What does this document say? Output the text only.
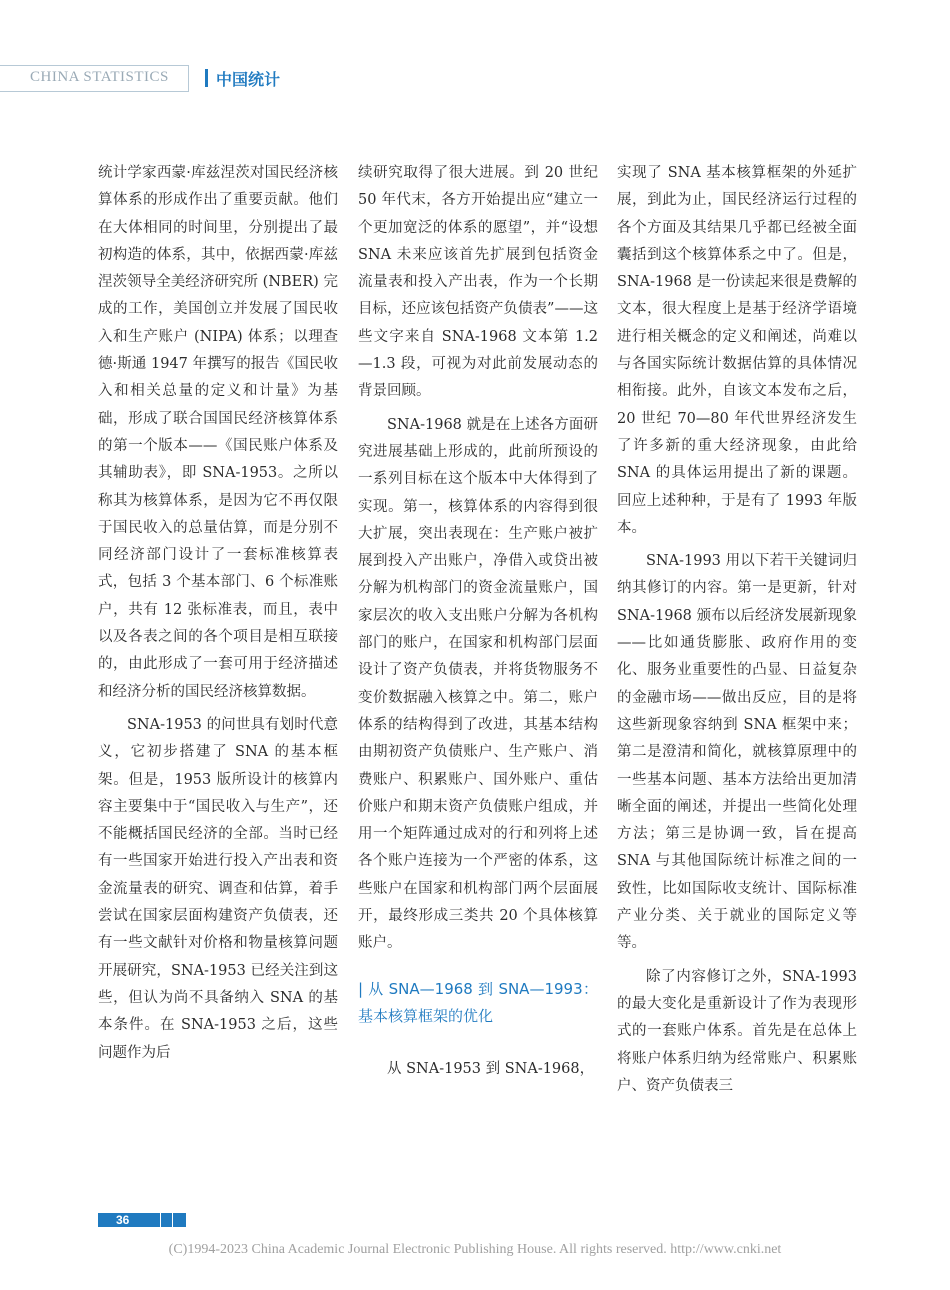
CHINA STATISTICS	中国统计

统计学家西蒙·库兹涅茨对国民经济核算体系的形成作出了重要贡献。他们在大体相同的时间里，分别提出了最初构造的体系，其中，依据西蒙·库兹涅茨领导全美经济研究所 (NBER) 完成的工作，美国创立并发展了国民收入和生产账户 (NIPA) 体系；以理查德·斯通 1947 年撰写的报告《国民收入和相关总量的定义和计量》为基础，形成了联合国国民经济核算体系的第一个版本——《国民账户体系及其辅助表》，即 SNA-1953。之所以称其为核算体系，是因为它不再仅限于国民收入的总量估算，而是分别不同经济部门设计了一套标准核算表式，包括 3 个基本部门、6 个标准账户，共有 12 张标准表，而且，表中以及各表之间的各个项目是相互联接的，由此形成了一套可用于经济描述和经济分析的国民经济核算数据。

SNA-1953 的问世具有划时代意义，它初步搭建了 SNA 的基本框架。但是，1953 版所设计的核算内容主要集中于“国民收入与生产”，还不能概括国民经济的全部。当时已经有一些国家开始进行投入产出表和资金流量表的研究、调查和估算，着手尝试在国家层面构建资产负债表，还有一些文献针对价格和物量核算问题开展研究，SNA-1953 已经关注到这些，但认为尚不具备纳入 SNA 的基本条件。在 SNA-1953 之后，这些问题作为后

续研究取得了很大进展。到 20 世纪 50 年代末，各方开始提出应“建立一个更加宽泛的体系的愿望”，并“设想 SNA 未来应该首先扩展到包括资金流量表和投入产出表，作为一个长期目标，还应该包括资产负债表”——这些文字来自 SNA-1968 文本第 1.2—1.3 段，可视为对此前发展动态的背景回顾。

SNA-1968 就是在上述各方面研究进展基础上形成的，此前所预设的一系列目标在这个版本中大体得到了实现。第一，核算体系的内容得到很大扩展，突出表现在：生产账户被扩展到投入产出账户，净借入或贷出被分解为机构部门的资金流量账户，国家层次的收入支出账户分解为各机构部门的账户，在国家和机构部门层面设计了资产负债表，并将货物服务不变价数据融入核算之中。第二，账户体系的结构得到了改进，其基本结构由期初资产负债账户、生产账户、消费账户、积累账户、国外账户、重估价账户和期末资产负债账户组成，并用一个矩阵通过成对的行和列将上述各个账户连接为一个严密的体系，这些账户在国家和机构部门两个层面展开，最终形成三类共 20 个具体核算账户。

| 从 SNA—1968 到 SNA—1993：基本核算框架的优化

从 SNA-1953 到 SNA-1968，

实现了 SNA 基本核算框架的外延扩展，到此为止，国民经济运行过程的各个方面及其结果几乎都已经被全面囊括到这个核算体系之中了。但是，SNA-1968 是一份读起来很是费解的文本，很大程度上是基于经济学语境进行相关概念的定义和阐述，尚难以与各国实际统计数据估算的具体情况相衔接。此外，自该文本发布之后，20 世纪 70—80 年代世界经济发生了许多新的重大经济现象，由此给 SNA 的具体运用提出了新的课题。回应上述种种，于是有了 1993 年版本。

SNA-1993 用以下若干关键词归纳其修订的内容。第一是更新，针对 SNA-1968 颁布以后经济发展新现象——比如通货膨胀、政府作用的变化、服务业重要性的凸显、日益复杂的金融市场——做出反应，目的是将这些新现象容纳到 SNA 框架中来；第二是澄清和简化，就核算原理中的一些基本问题、基本方法给出更加清晰全面的阐述，并提出一些简化处理方法；第三是协调一致，旨在提高 SNA 与其他国际统计标准之间的一致性，比如国际收支统计、国际标准产业分类、关于就业的国际定义等等。

除了内容修订之外，SNA-1993 的最大变化是重新设计了作为表现形式的一套账户体系。首先是在总体上将账户体系归纳为经常账户、积累账户、资产负债表三

36
(C)1994-2023 China Academic Journal Electronic Publishing House. All rights reserved. http://www.cnki.net
